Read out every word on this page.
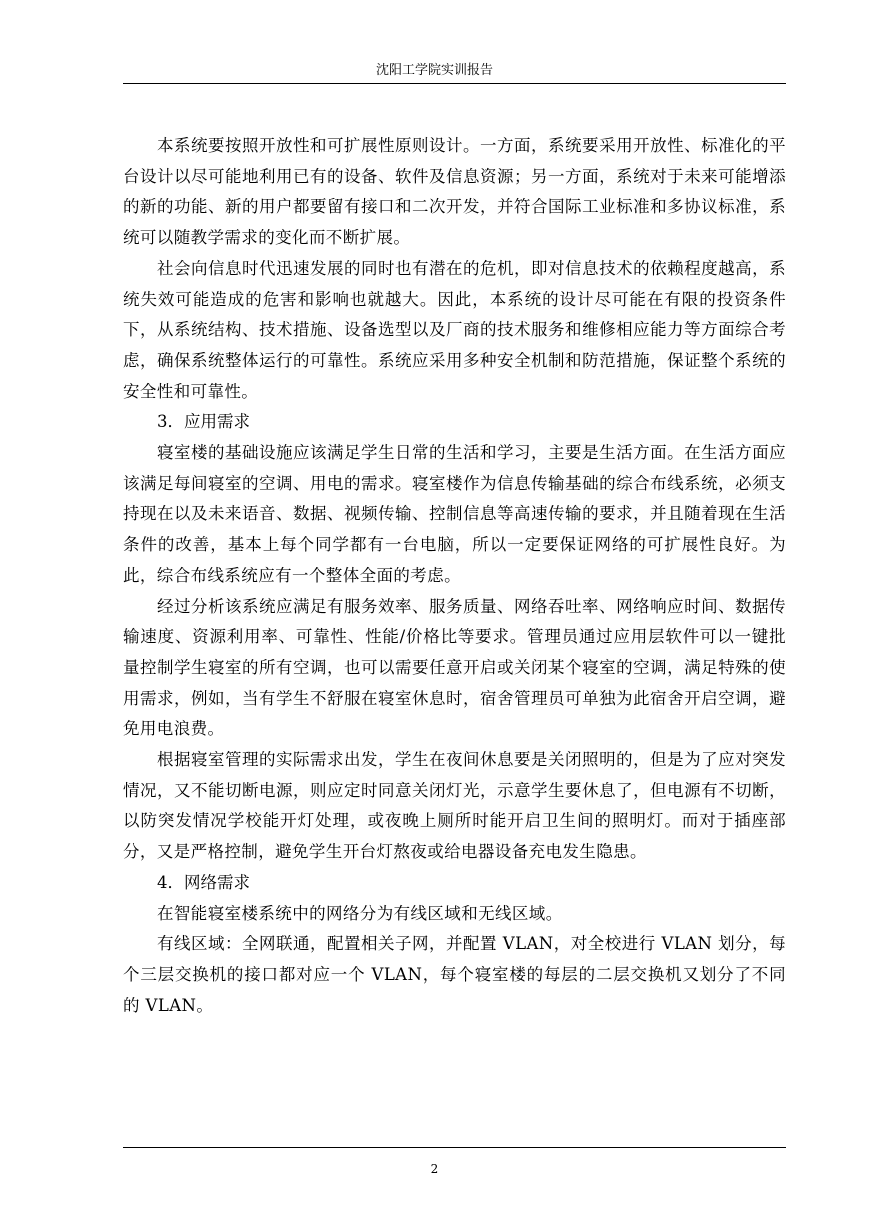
沈阳工学院实训报告

本系统要按照开放性和可扩展性原则设计。一方面，系统要采用开放性、标准化的平台设计以尽可能地利用已有的设备、软件及信息资源；另一方面，系统对于未来可能增添的新的功能、新的用户都要留有接口和二次开发，并符合国际工业标准和多协议标准，系统可以随教学需求的变化而不断扩展。

社会向信息时代迅速发展的同时也有潜在的危机，即对信息技术的依赖程度越高，系统失效可能造成的危害和影响也就越大。因此，本系统的设计尽可能在有限的投资条件下，从系统结构、技术措施、设备选型以及厂商的技术服务和维修相应能力等方面综合考虑，确保系统整体运行的可靠性。系统应采用多种安全机制和防范措施，保证整个系统的安全性和可靠性。

3．应用需求

寝室楼的基础设施应该满足学生日常的生活和学习，主要是生活方面。在生活方面应该满足每间寝室的空调、用电的需求。寝室楼作为信息传输基础的综合布线系统，必须支持现在以及未来语音、数据、视频传输、控制信息等高速传输的要求，并且随着现在生活条件的改善，基本上每个同学都有一台电脑，所以一定要保证网络的可扩展性良好。为此，综合布线系统应有一个整体全面的考虑。

经过分析该系统应满足有服务效率、服务质量、网络吞吐率、网络响应时间、数据传输速度、资源利用率、可靠性、性能/价格比等要求。管理员通过应用层软件可以一键批量控制学生寝室的所有空调，也可以需要任意开启或关闭某个寝室的空调，满足特殊的使用需求，例如，当有学生不舒服在寝室休息时，宿舍管理员可单独为此宿舍开启空调，避免用电浪费。

根据寝室管理的实际需求出发，学生在夜间休息要是关闭照明的，但是为了应对突发情况，又不能切断电源，则应定时同意关闭灯光，示意学生要休息了，但电源有不切断，以防突发情况学校能开灯处理，或夜晚上厕所时能开启卫生间的照明灯。而对于插座部分，又是严格控制，避免学生开台灯熬夜或给电器设备充电发生隐患。

4．网络需求

在智能寝室楼系统中的网络分为有线区域和无线区域。

有线区域：全网联通，配置相关子网，并配置 VLAN，对全校进行 VLAN 划分，每个三层交换机的接口都对应一个 VLAN，每个寝室楼的每层的二层交换机又划分了不同的 VLAN。

2
